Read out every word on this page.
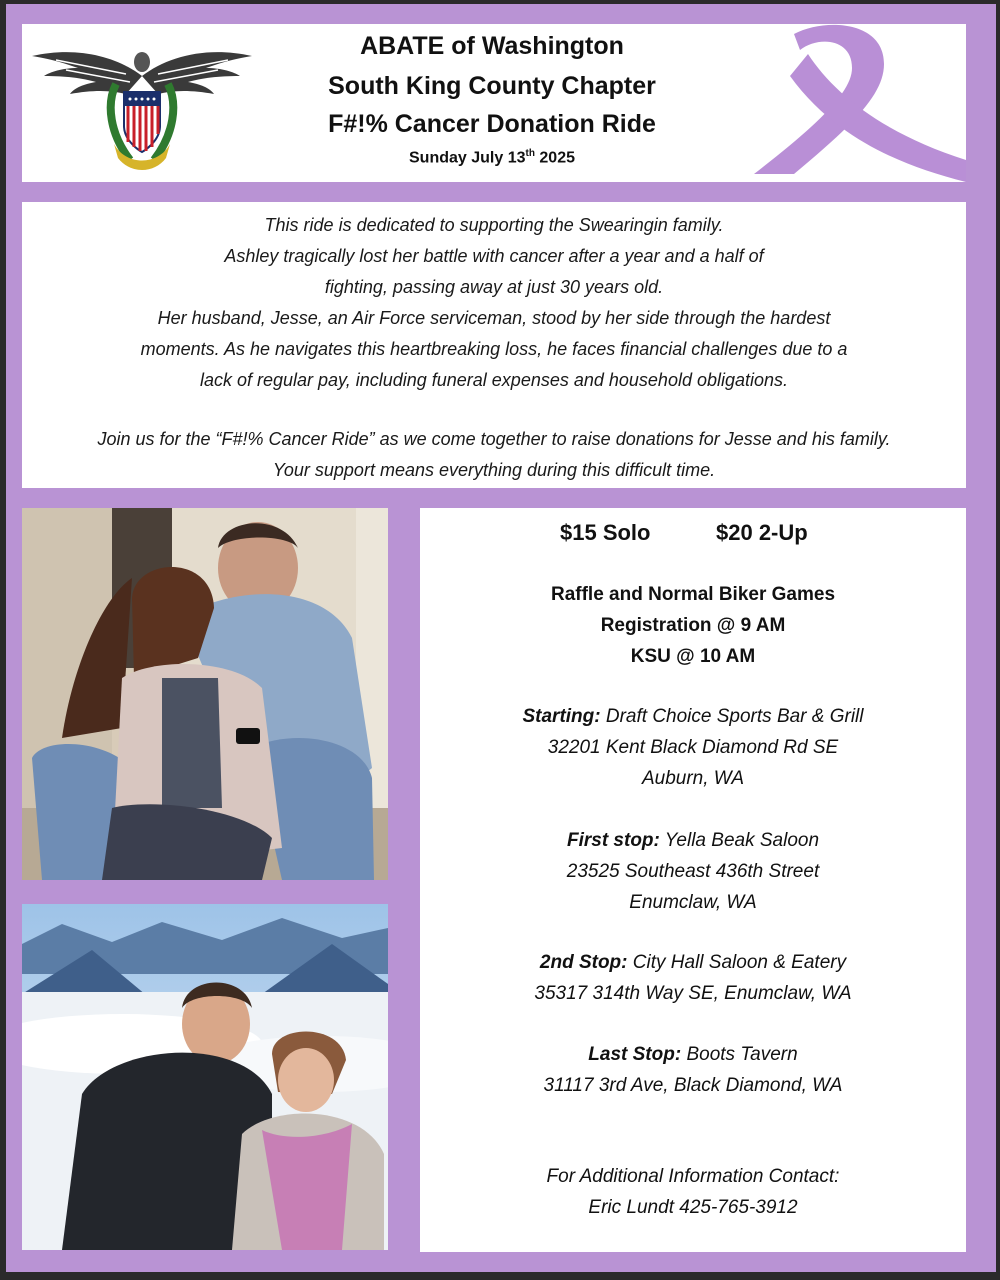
ABATE of Washington
South King County Chapter
F#!% Cancer Donation Ride
Sunday July 13th 2025
This ride is dedicated to supporting the Swearingin family.
Ashley tragically lost her battle with cancer after a year and a half of
fighting, passing away at just 30 years old.
Her husband, Jesse, an Air Force serviceman, stood by her side through the hardest
moments. As he navigates this heartbreaking loss, he faces financial challenges due to a
lack of regular pay, including funeral expenses and household obligations.
Join us for the “F#!% Cancer Ride” as we come together to raise donations for Jesse and his family.
Your support means everything during this difficult time.
$15 Solo	$20 2-Up
Raffle and Normal Biker Games
Registration @ 9 AM
KSU @ 10 AM
Starting: Draft Choice Sports Bar & Grill
32201 Kent Black Diamond Rd SE
Auburn, WA
First stop: Yella Beak Saloon
23525 Southeast 436th Street
Enumclaw, WA
2nd Stop: City Hall Saloon & Eatery
35317 314th Way SE, Enumclaw, WA
Last Stop: Boots Tavern
31117 3rd Ave, Black Diamond, WA
For Additional Information Contact:
Eric Lundt 425-765-3912
